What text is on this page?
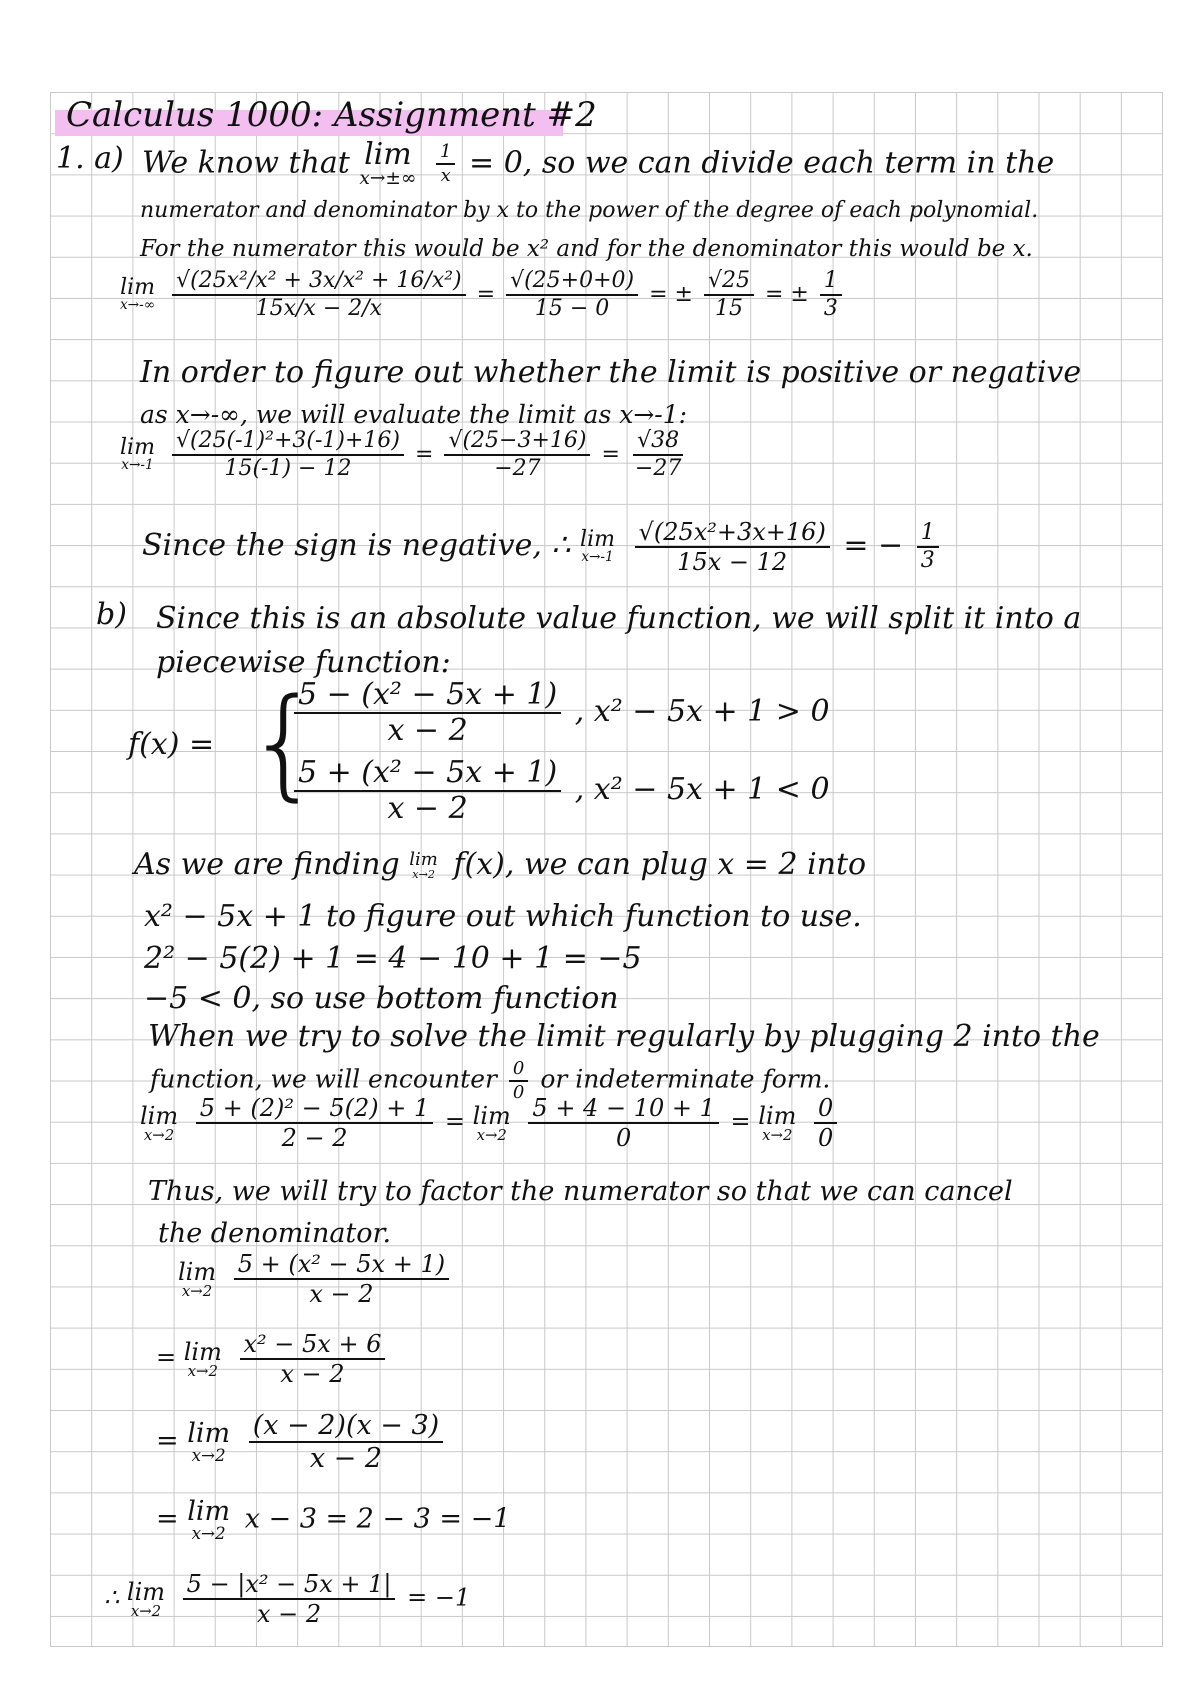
Calculus 1000: Assignment #2
1. a) We know that lim
x→±∞
$\frac{1}{x} = 0$, so we can divide each term in the
numerator and denominator by x to the power of the degree of each polynomial.
For the numerator this would be x² and for the denominator this would be x.
lim
x→-∞
$\frac{\text{√(25x²/x² + 3x/x² + 16/x²)}}{15x/x - 2/x} = \frac{√(25+0+0)}{15 - 0}$ = ± $\frac{√25}{15}$ = ± $\frac{1}{3}$
In order to figure out whether the limit is positive or negative
as x→-∞, we will evaluate the limit as x→-1:
lim
x→-1
$\frac{\text{√(25(-1)²+3(-1)+16)}}{15(-1) - 12} = \frac{√(25-3+16)}{-27} = \frac{√38}{-27}$
Since the sign is negative, ∴ lim
x→-1
$\frac{\text{√(25x²+3x+16)}}{15x - 12}$ = − $\frac{1}{3}$
b) Since this is an absolute value function, we will split it into a
piecewise function:
f(x) = {
$\frac{\text{5 − (x² − 5x + 1)}}{x - 2}$ , x² − 5x + 1 > 0
$\frac{\text{5 + (x² − 5x + 1)}}{x - 2}$ , x² − 5x + 1 < 0
As we are finding lim
x→2 f(x), we can plug x = 2 into
x² − 5x + 1 to figure out which function to use.
2² − 5(2) + 1 = 4 − 10 + 1 = −5
−5 < 0, so use bottom function
When we try to solve the limit regularly by plugging 2 into the
function, we will encounter $\frac{0}{0}$ or indeterminate form.
lim
x→2
$\frac{\text{5 + (2)² − 5(2) + 1}}{2 - 2} = \lim$
x→2
$\frac{5 + 4 - 10 + 1}{0} = \lim$
x→2
$\frac{0}{0}$
Thus, we will try to factor the numerator so that we can cancel
the denominator.
lim
x→2
$\frac{\text{5 + (x² − 5x + 1)}}{x - 2}$
= lim
x→2
$\frac{\text{x² − 5x + 6}}{x - 2}$
= lim
x→2
$\frac{(x - 2)(x - 3)}{x - 2}$
= lim
x→2 x − 3 = 2 − 3 = −1
∴ lim
x→2
$\frac{\text{5 − |x² − 5x + 1|}}{x - 2} = -1$
